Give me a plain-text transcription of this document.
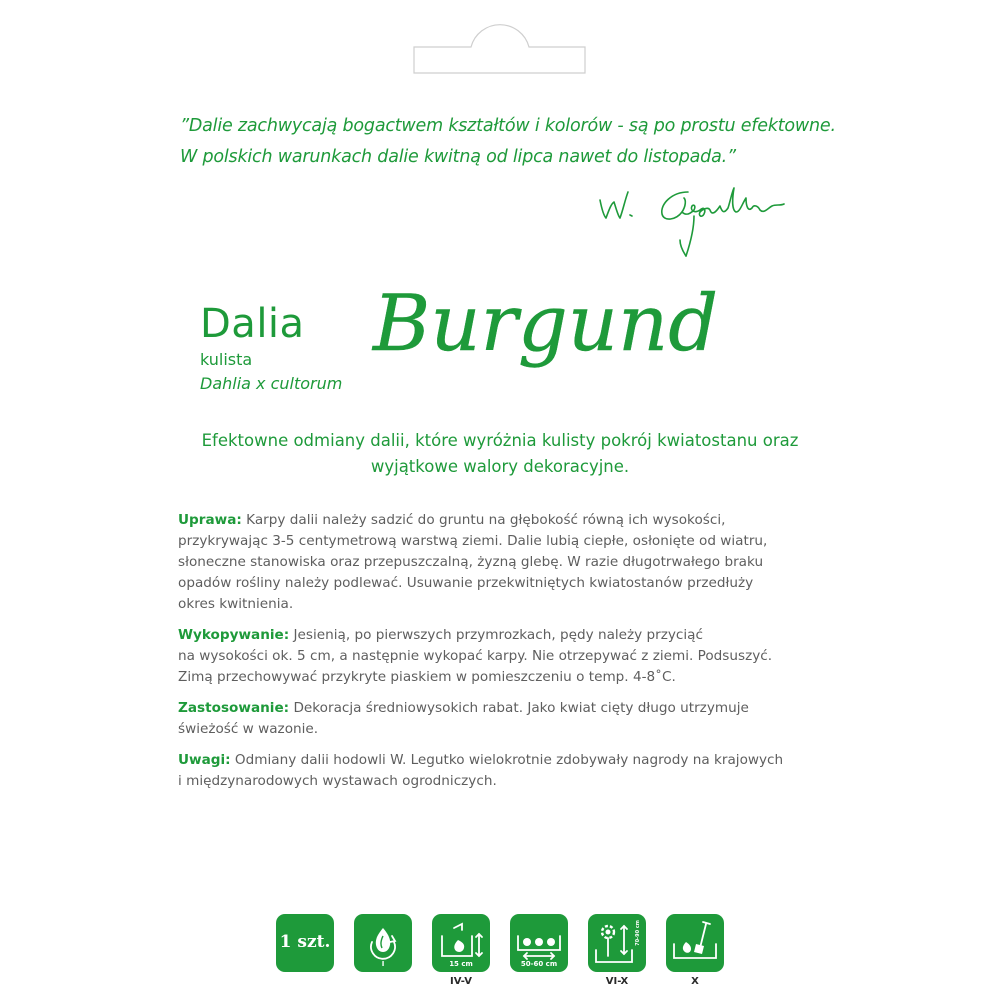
”Dalie zachwycają bogactwem kształtów i kolorów - są po prostu efektowne.

W polskich warunkach dalie kwitną od lipca nawet do listopada.”

Dalia
kulista
Dahlia x cultorum
Burgund

Efektowne odmiany dalii, które wyróżnia kulisty pokrój kwiatostanu oraz

wyjątkowe walory dekoracyjne.

Uprawa: Karpy dalii należy sadzić do gruntu na głębokość równą ich wysokości,
przykrywając 3-5 centymetrową warstwą ziemi. Dalie lubią ciepłe, osłonięte od wiatru,
słoneczne stanowiska oraz przepuszczalną, żyzną glebę. W razie długotrwałego braku
opadów rośliny należy podlewać. Usuwanie przekwitniętych kwiatostanów przedłuży
okres kwitnienia.
Wykopywanie: Jesienią, po pierwszych przymrozkach, pędy należy przyciąć
na wysokości ok. 5 cm, a następnie wykopać karpy. Nie otrzepywać z ziemi. Podsuszyć.
Zimą przechowywać przykryte piaskiem w pomieszczeniu o temp. 4-8˚C.
Zastosowanie: Dekoracja średniowysokich rabat. Jako kwiat cięty długo utrzymuje
świeżość w wazonie.
Uwagi: Odmiany dalii hodowli W. Legutko wielokrotnie zdobywały nagrody na krajowych
i międzynarodowych wystawach ogrodniczych.
1 szt.
I	15 cm	50-60 cm
70-90 cm
IV-V	VI-X	X
